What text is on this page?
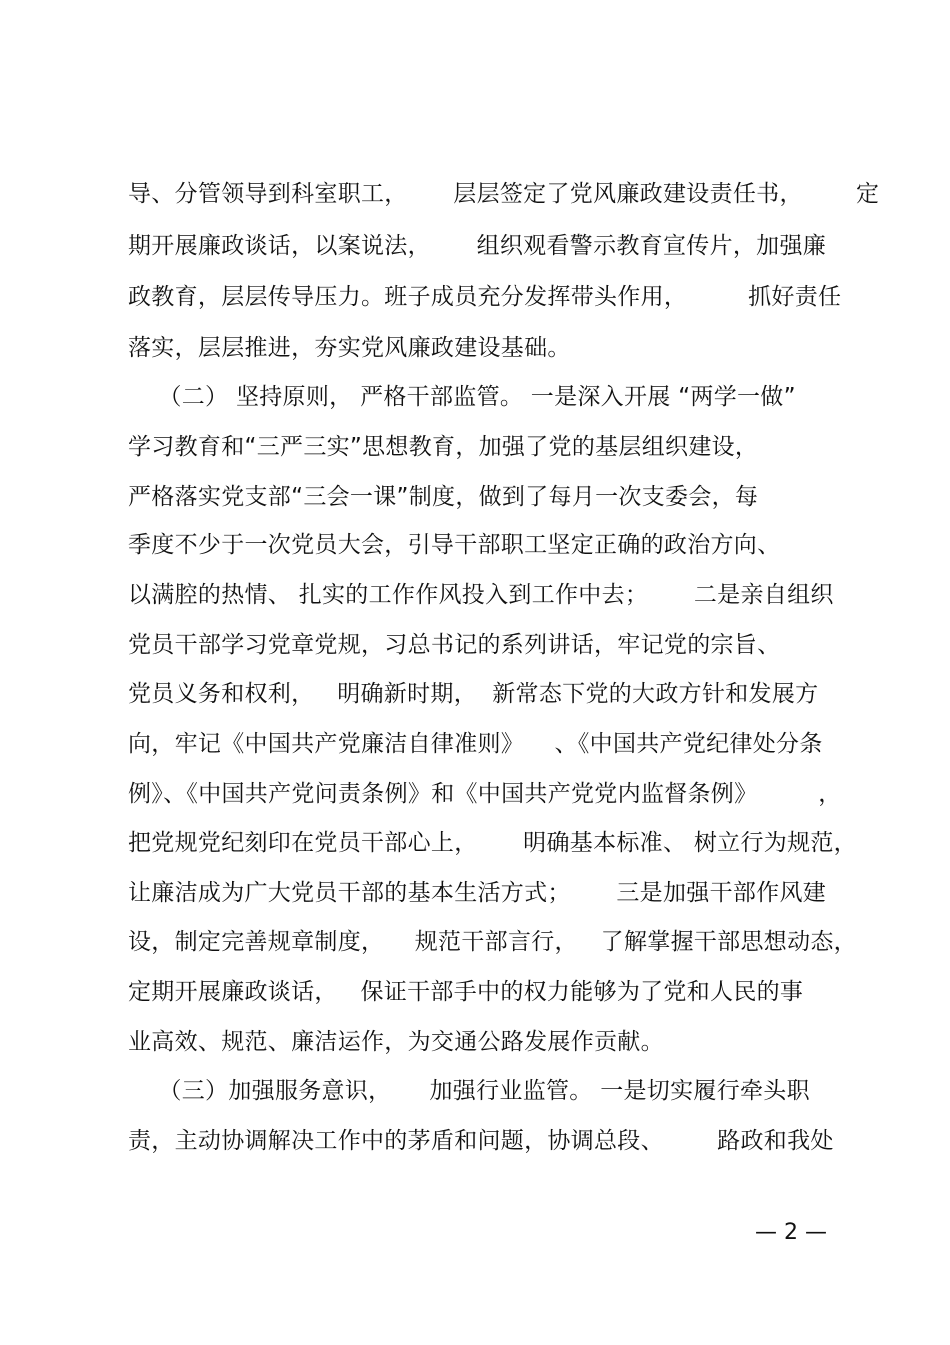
导、分管领导到科室职工，      层层签定了党风廉政建设责任书，       定
期开展廉政谈话，以案说法，      组织观看警示教育宣传片，加强廉
政教育，层层传导压力。班子成员充分发挥带头作用，        抓好责任
落实，层层推进，夯实党风廉政建设基础。
（二） 坚持原则， 严格干部监管。 一是深入开展 “两学一做”
学习教育和“三严三实”思想教育，加强了党的基层组织建设，
严格落实党支部“三会一课”制度，做到了每月一次支委会，每
季度不少于一次党员大会，引导干部职工坚定正确的政治方向、
以满腔的热情、 扎实的工作作风投入到工作中去；      二是亲自组织
党员干部学习党章党规，习总书记的系列讲话，牢记党的宗旨、
党员义务和权利，   明确新时期，  新常态下党的大政方针和发展方
向，牢记《中国共产党廉洁自律准则》    、《中国共产党纪律处分条
例》、《中国共产党问责条例》和《中国共产党党内监督条例》        ，
把党规党纪刻印在党员干部心上，      明确基本标准、 树立行为规范，
让廉洁成为广大党员干部的基本生活方式；      三是加强干部作风建
设，制定完善规章制度，    规范干部言行，   了解掌握干部思想动态，
定期开展廉政谈话，   保证干部手中的权力能够为了党和人民的事
业高效、规范、廉洁运作，为交通公路发展作贡献。
（三）加强服务意识，     加强行业监管。 一是切实履行牵头职
责，主动协调解决工作中的茅盾和问题，协调总段、       路政和我处
— 2 —
